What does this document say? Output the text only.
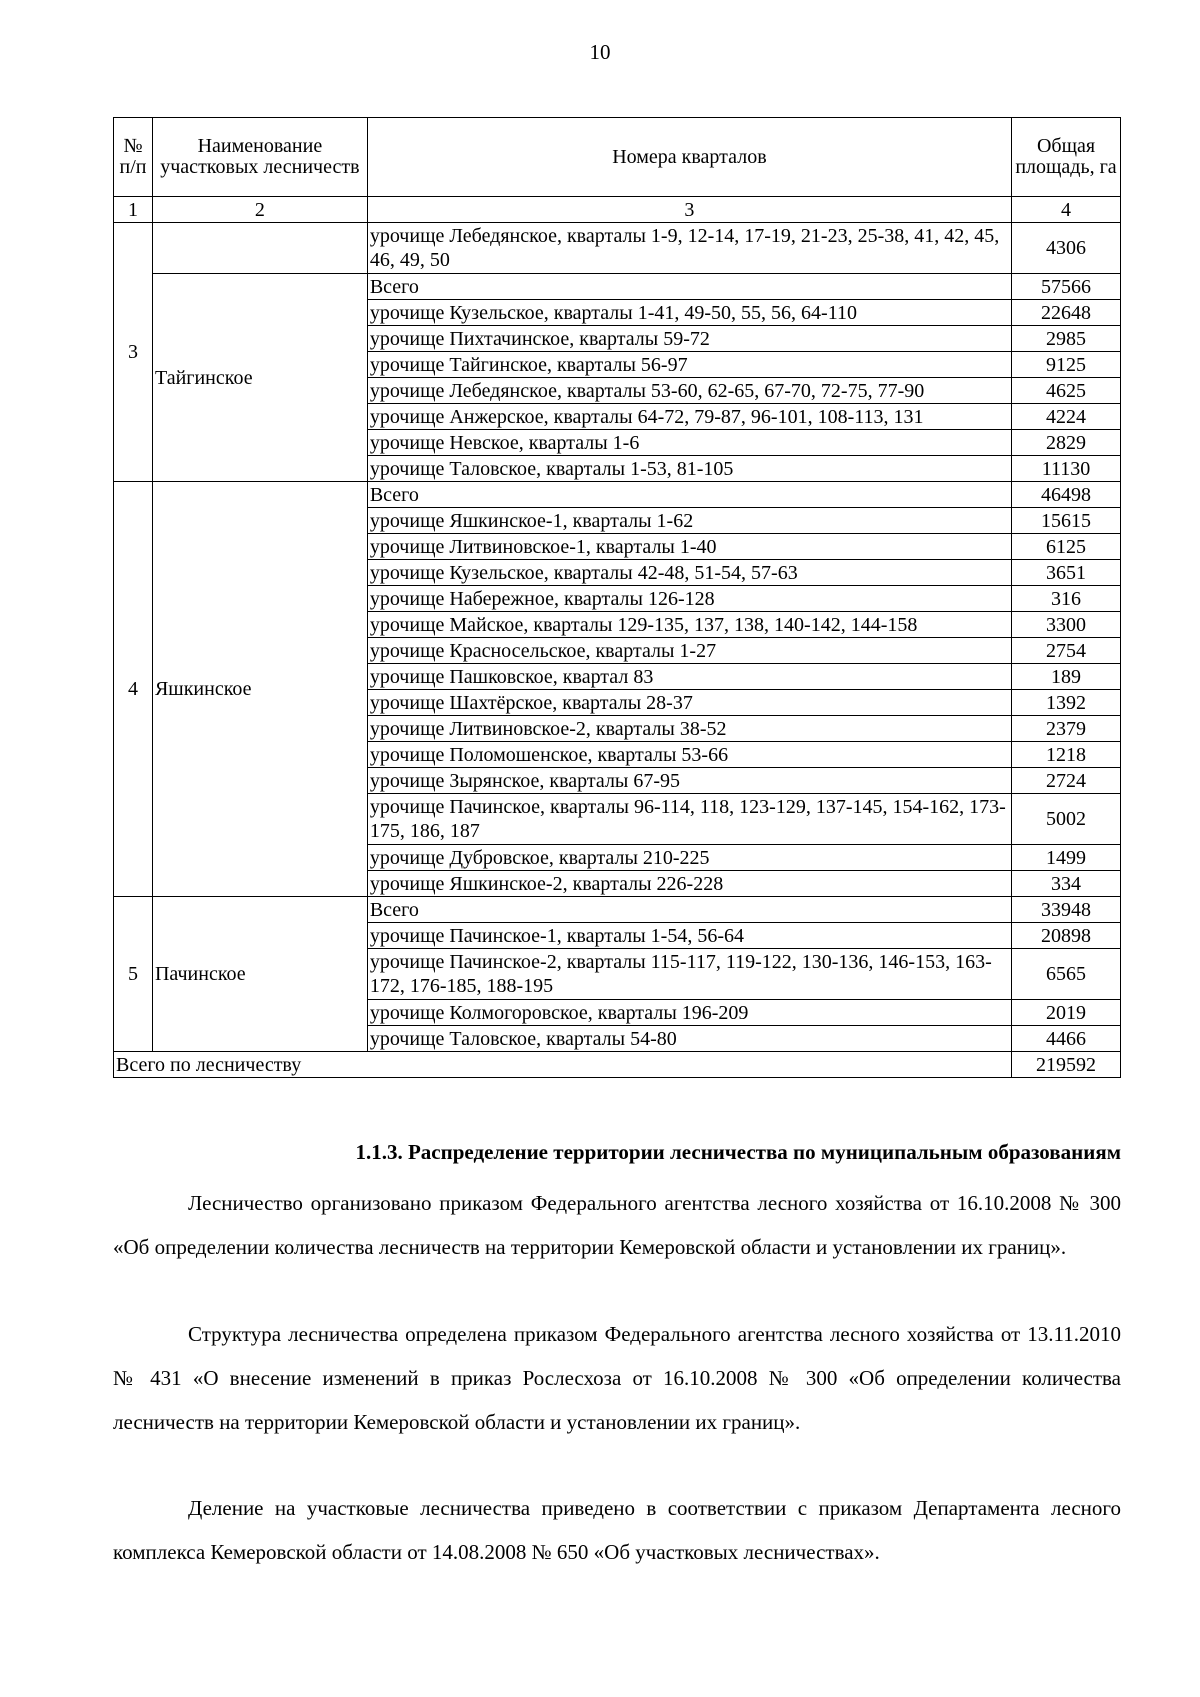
10
№ п/п	Наименование участковых лесничеств	Номера кварталов	Общая площадь, га
1	2	3	4
3		урочище Лебедянское, кварталы 1-9, 12-14, 17-19, 21-23, 25-38, 41, 42, 45, 46, 49, 50	4306
	Тайгинское	Всего	57566
		урочище Кузельское, кварталы 1-41, 49-50, 55, 56, 64-110	22648
		урочище Пихтачинское, кварталы 59-72	2985
		урочище Тайгинское, кварталы 56-97	9125
		урочище Лебедянское, кварталы 53-60, 62-65, 67-70, 72-75, 77-90	4625
		урочище Анжерское, кварталы 64-72, 79-87, 96-101, 108-113, 131	4224
		урочище Невское, кварталы 1-6	2829
		урочище Таловское, кварталы 1-53, 81-105	11130
4	Яшкинское	Всего	46498
		урочище Яшкинское-1, кварталы 1-62	15615
		урочище Литвиновское-1, кварталы 1-40	6125
		урочище Кузельское, кварталы 42-48, 51-54, 57-63	3651
		урочище Набережное, кварталы 126-128	316
		урочище Майское, кварталы 129-135, 137, 138, 140-142, 144-158	3300
		урочище Красносельское, кварталы 1-27	2754
		урочище Пашковское, квартал 83	189
		урочище Шахтёрское, кварталы 28-37	1392
		урочище Литвиновское-2, кварталы 38-52	2379
		урочище Поломошенское, кварталы 53-66	1218
		урочище Зырянское, кварталы 67-95	2724
		урочище Пачинское, кварталы 96-114, 118, 123-129, 137-145, 154-162, 173-175, 186, 187	5002
		урочище Дубровское, кварталы 210-225	1499
		урочище Яшкинское-2, кварталы 226-228	334
5	Пачинское	Всего	33948
		урочище Пачинское-1, кварталы 1-54, 56-64	20898
		урочище Пачинское-2, кварталы 115-117, 119-122, 130-136, 146-153, 163-172, 176-185, 188-195	6565
		урочище Колмогоровское, кварталы 196-209	2019
		урочище Таловское, кварталы 54-80	4466
Всего по лесничеству			219592
1.1.3. Распределение территории лесничества по муниципальным образованиям

Лесничество организовано приказом Федерального агентства лесного хозяйства от 16.10.2008 № 300 «Об определении количества лесничеств на территории Кемеровской области и установлении их границ».

Структура лесничества определена приказом Федерального агентства лесного хозяйства от 13.11.2010 № 431 «О внесение изменений в приказ Рослесхоза от 16.10.2008 № 300 «Об определении количества лесничеств на территории Кемеровской области и установлении их границ».

Деление на участковые лесничества приведено в соответствии с приказом Департамента лесного комплекса Кемеровской области от 14.08.2008 № 650 «Об участковых лесничествах».
